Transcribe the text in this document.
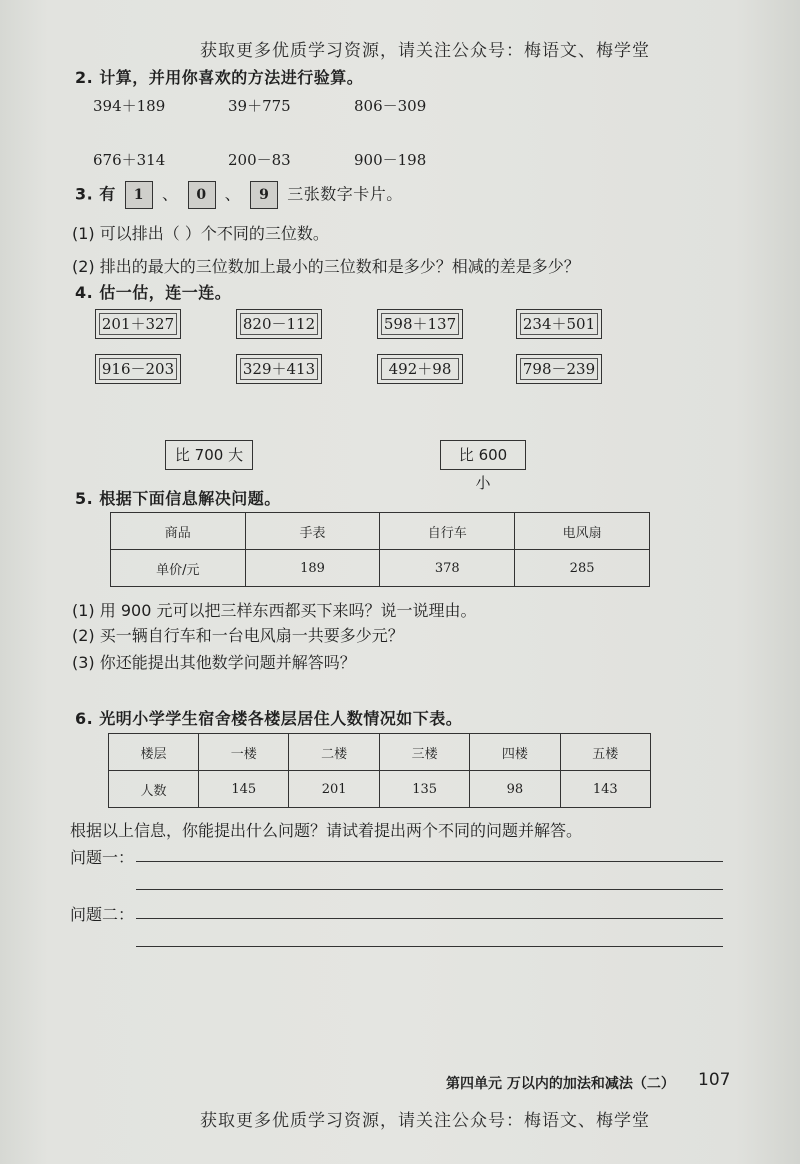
获取更多优质学习资源，请关注公众号：梅语文、梅学堂
2. 计算，并用你喜欢的方法进行验算。
394＋189	39＋775	806－309
676＋314	200－83	900－198
3. 有 1 、 0 、 9 三张数字卡片。
(1) 可以排出（ ）个不同的三位数。
(2) 排出的最大的三位数加上最小的三位数和是多少？相减的差是多少？
4. 估一估，连一连。
201＋327	820－112	598＋137	234＋501
916－203	329＋413	492＋98	798－239
比 700 大	比 600 小
5. 根据下面信息解决问题。
商品	手表	自行车	电风扇
单价/元	189	378	285
(1) 用 900 元可以把三样东西都买下来吗？说一说理由。
(2) 买一辆自行车和一台电风扇一共要多少元？
(3) 你还能提出其他数学问题并解答吗？
6. 光明小学学生宿舍楼各楼层居住人数情况如下表。
楼层	一楼	二楼	三楼	四楼	五楼
人数	145	201	135	98	143
根据以上信息，你能提出什么问题？请试着提出两个不同的问题并解答。
问题一：
问题二：
第四单元 万以内的加法和减法（二） 107
获取更多优质学习资源，请关注公众号：梅语文、梅学堂
